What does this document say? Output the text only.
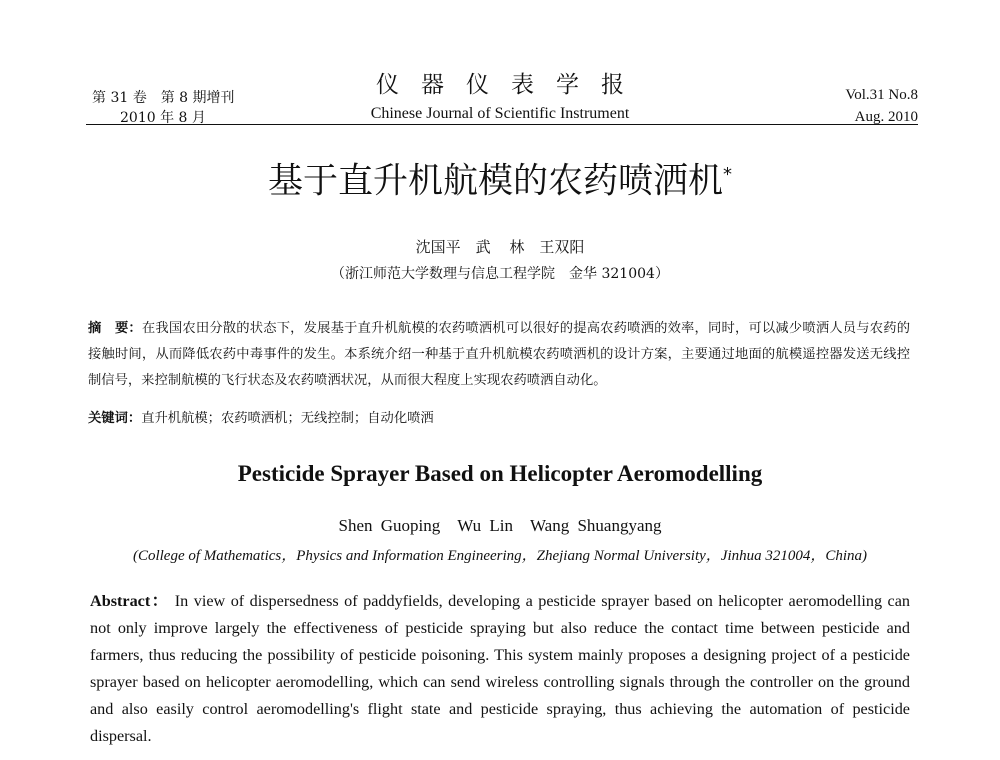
第 31 卷　第 8 期增刊
2010 年 8 月
仪器仪表学报
Chinese Journal of Scientific Instrument
Vol.31 No.8
Aug. 2010
基于直升机航模的农药喷洒机*
沈国平　武 林　王双阳
（浙江师范大学数理与信息工程学院　金华 321004）
摘　要：在我国农田分散的状态下，发展基于直升机航模的农药喷洒机可以很好的提高农药喷洒的效率，同时，可以减少喷洒人员与农药的接触时间，从而降低农药中毒事件的发生。本系统介绍一种基于直升机航模农药喷洒机的设计方案，主要通过地面的航模遥控器发送无线控制信号，来控制航模的飞行状态及农药喷洒状况，从而很大程度上实现农药喷洒自动化。
关键词：直升机航模；农药喷洒机；无线控制；自动化喷洒
Pesticide Sprayer Based on Helicopter Aeromodelling
Shen Guoping　Wu Lin　Wang Shuangyang
(College of Mathematics，Physics and Information Engineering，Zhejiang Normal University，Jinhua 321004，China)
Abstract： In view of dispersedness of paddyfields, developing a pesticide sprayer based on helicopter aeromodelling can not only improve largely the effectiveness of pesticide spraying but also reduce the contact time between pesticide and farmers, thus reducing the possibility of pesticide poisoning. This system mainly proposes a designing project of a pesticide sprayer based on helicopter aeromodelling, which can send wireless controlling signals through the controller on the ground and also easily control aeromodelling's flight state and pesticide spraying, thus achieving the automation of pesticide dispersal.
